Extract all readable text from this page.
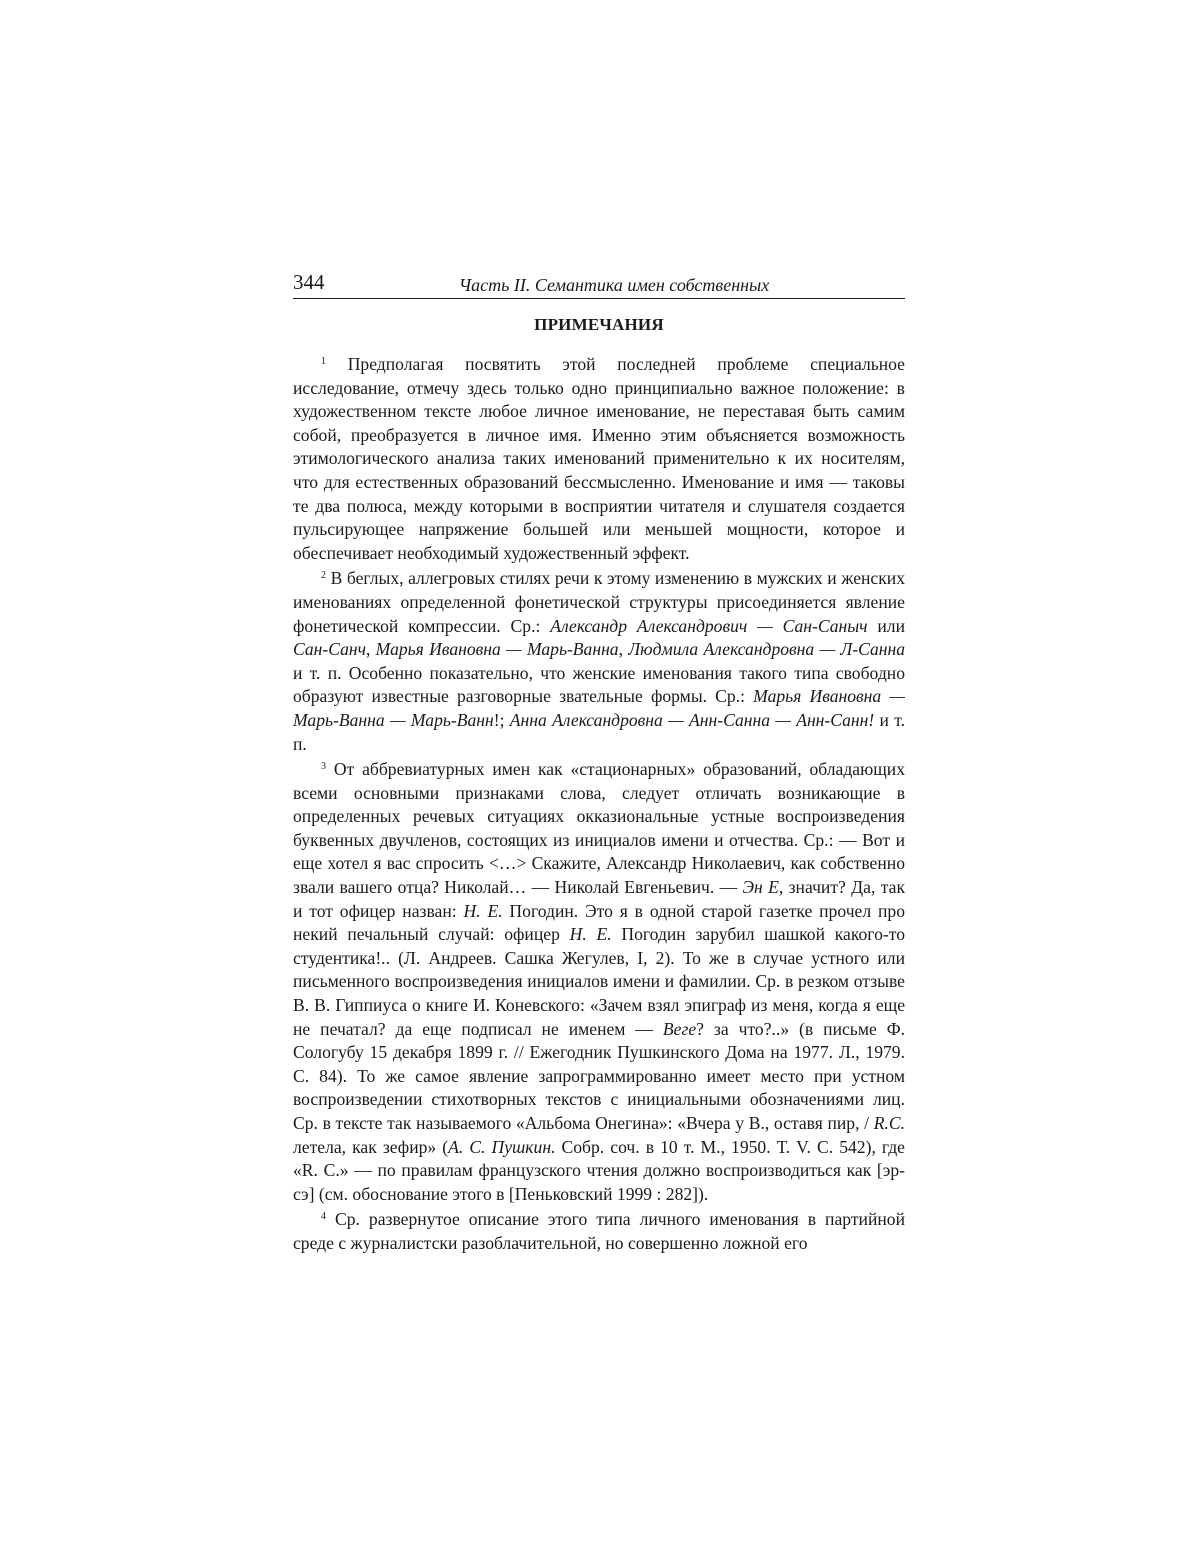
344	Часть II. Семантика имен собственных
ПРИМЕЧАНИЯ

$^1$ Предполагая посвятить этой последней проблеме специальное исследование, отмечу здесь только одно принципиально важное положение: в художественном тексте любое личное именование, не переставая быть самим собой, преобразуется в личное имя. Именно этим объясняется возможность этимологического анализа таких именований применительно к их носителям, что для естественных образований бессмысленно. Именование и имя — таковы те два полюса, между которыми в восприятии читателя и слушателя создается пульсирующее напряжение большей или меньшей мощности, которое и обеспечивает необходимый художественный эффект.

$^2$ В беглых, аллегровых стилях речи к этому изменению в мужских и женских именованиях определенной фонетической структуры присоединяется явление фонетической компрессии. Ср.: Александр Александрович — Сан-Саныч или Сан-Санч, Марья Ивановна — Марь-Ванна, Людмила Александровна — Л-Санна и т. п. Особенно показательно, что женские именования такого типа свободно образуют известные разговорные звательные формы. Ср.: Марья Ивановна — Марь-Ванна — Марь-Ванн!; Анна Александровна — Анн-Санна — Анн-Санн! и т. п.

$^3$ От аббревиатурных имен как «стационарных» образований, обладающих всеми основными признаками слова, следует отличать возникающие в определенных речевых ситуациях окказиональные устные воспроизведения буквенных двучленов, состоящих из инициалов имени и отчества. Ср.: — Вот и еще хотел я вас спросить <…> Скажите, Александр Николаевич, как собственно звали вашего отца? Николай… — Николай Евгеньевич. — Эн Е, значит? Да, так и тот офицер назван: Н. Е. Погодин. Это я в одной старой газетке прочел про некий печальный случай: офицер Н. Е. Погодин зарубил шашкой какого-то студентика!.. (Л. Андреев. Сашка Жегулев, I, 2). То же в случае устного или письменного воспроизведения инициалов имени и фамилии. Ср. в резком отзыве В. В. Гиппиуса о книге И. Коневского: «Зачем взял эпиграф из меня, когда я еще не печатал? да еще подписал не именем — Веге? за что?..» (в письме Ф. Сологубу 15 декабря 1899 г. // Ежегодник Пушкинского Дома на 1977. Л., 1979. С. 84). То же самое явление запрограммированно имеет место при устном воспроизведении стихотворных текстов с инициальными обозначениями лиц. Ср. в тексте так называемого «Альбома Онегина»: «Вчера у В., оставя пир, / R.C. летела, как зефир» (А. С. Пушкин. Собр. соч. в 10 т. М., 1950. Т. V. С. 542), где «R. C.» — по правилам французского чтения должно воспроизводиться как [эр-сэ] (см. обоснование этого в [Пеньковский 1999 : 282]).

$^4$ Ср. развернутое описание этого типа личного именования в партийной среде с журналистски разоблачительной, но совершенно ложной его
